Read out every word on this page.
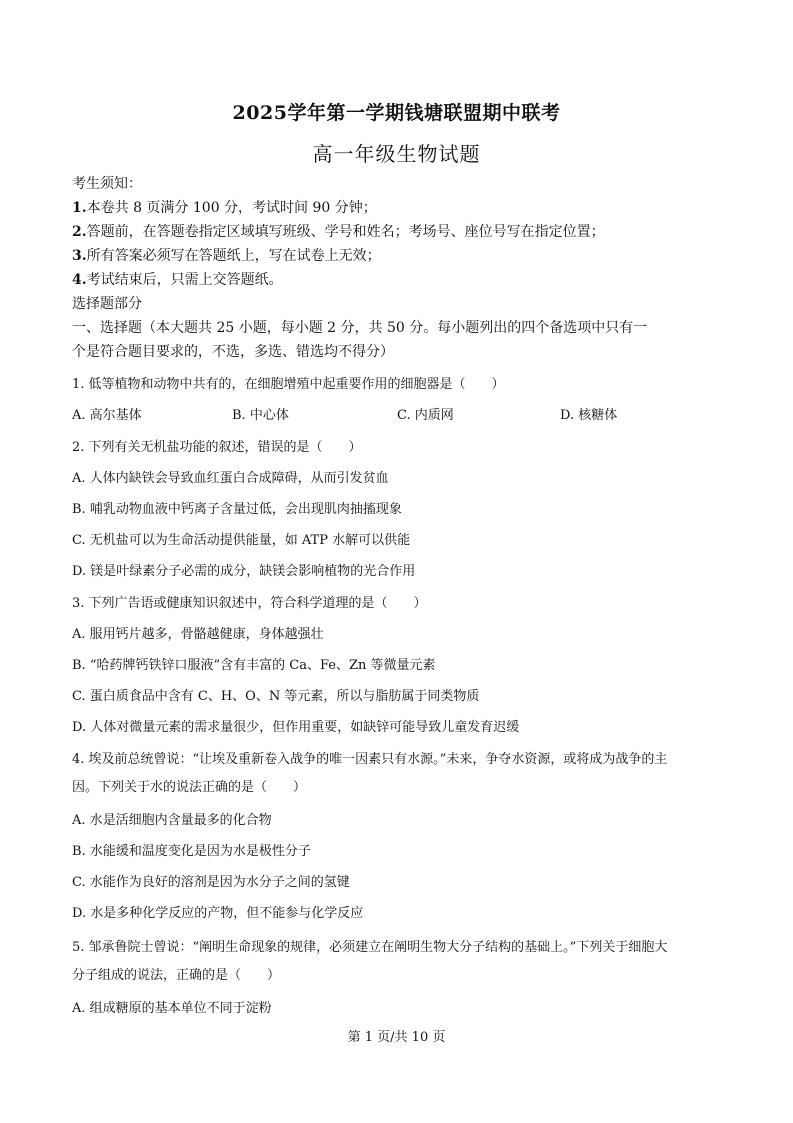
2025学年第一学期钱塘联盟期中联考
高一年级生物试题
考生须知：
1.本卷共 8 页满分 100 分，考试时间 90 分钟；
2.答题前，在答题卷指定区域填写班级、学号和姓名；考场号、座位号写在指定位置；
3.所有答案必须写在答题纸上，写在试卷上无效；
4.考试结束后，只需上交答题纸。
选择题部分
一、选择题（本大题共 25 小题，每小题 2 分，共 50 分。每小题列出的四个备选项中只有一
个是符合题目要求的，不选，多选、错选均不得分）
1. 低等植物和动物中共有的，在细胞增殖中起重要作用的细胞器是（　　）
A. 高尔基体	B. 中心体	C. 内质网	D. 核糖体
2. 下列有关无机盐功能的叙述，错误的是（　　）
A. 人体内缺铁会导致血红蛋白合成障碍，从而引发贫血
B. 哺乳动物血液中钙离子含量过低，会出现肌肉抽搐现象
C. 无机盐可以为生命活动提供能量，如 ATP 水解可以供能
D. 镁是叶绿素分子必需的成分，缺镁会影响植物的光合作用
3. 下列广告语或健康知识叙述中，符合科学道理的是（　　）
A. 服用钙片越多，骨骼越健康，身体越强壮
B. “哈药牌钙铁锌口服液”含有丰富的 Ca、Fe、Zn 等微量元素
C. 蛋白质食品中含有 C、H、O、N 等元素，所以与脂肪属于同类物质
D. 人体对微量元素的需求量很少，但作用重要，如缺锌可能导致儿童发育迟缓
4. 埃及前总统曾说：“让埃及重新卷入战争的唯一因素只有水源。”未来，争夺水资源，或将成为战争的主
因。下列关于水的说法正确的是（　　）
A. 水是活细胞内含量最多的化合物
B. 水能缓和温度变化是因为水是极性分子
C. 水能作为良好的溶剂是因为水分子之间的氢键
D. 水是多种化学反应的产物，但不能参与化学反应
5. 邹承鲁院士曾说：“阐明生命现象的规律，必须建立在阐明生物大分子结构的基础上。”下列关于细胞大
分子组成的说法，正确的是（　　）
A. 组成糖原的基本单位不同于淀粉
第 1 页/共 10 页
